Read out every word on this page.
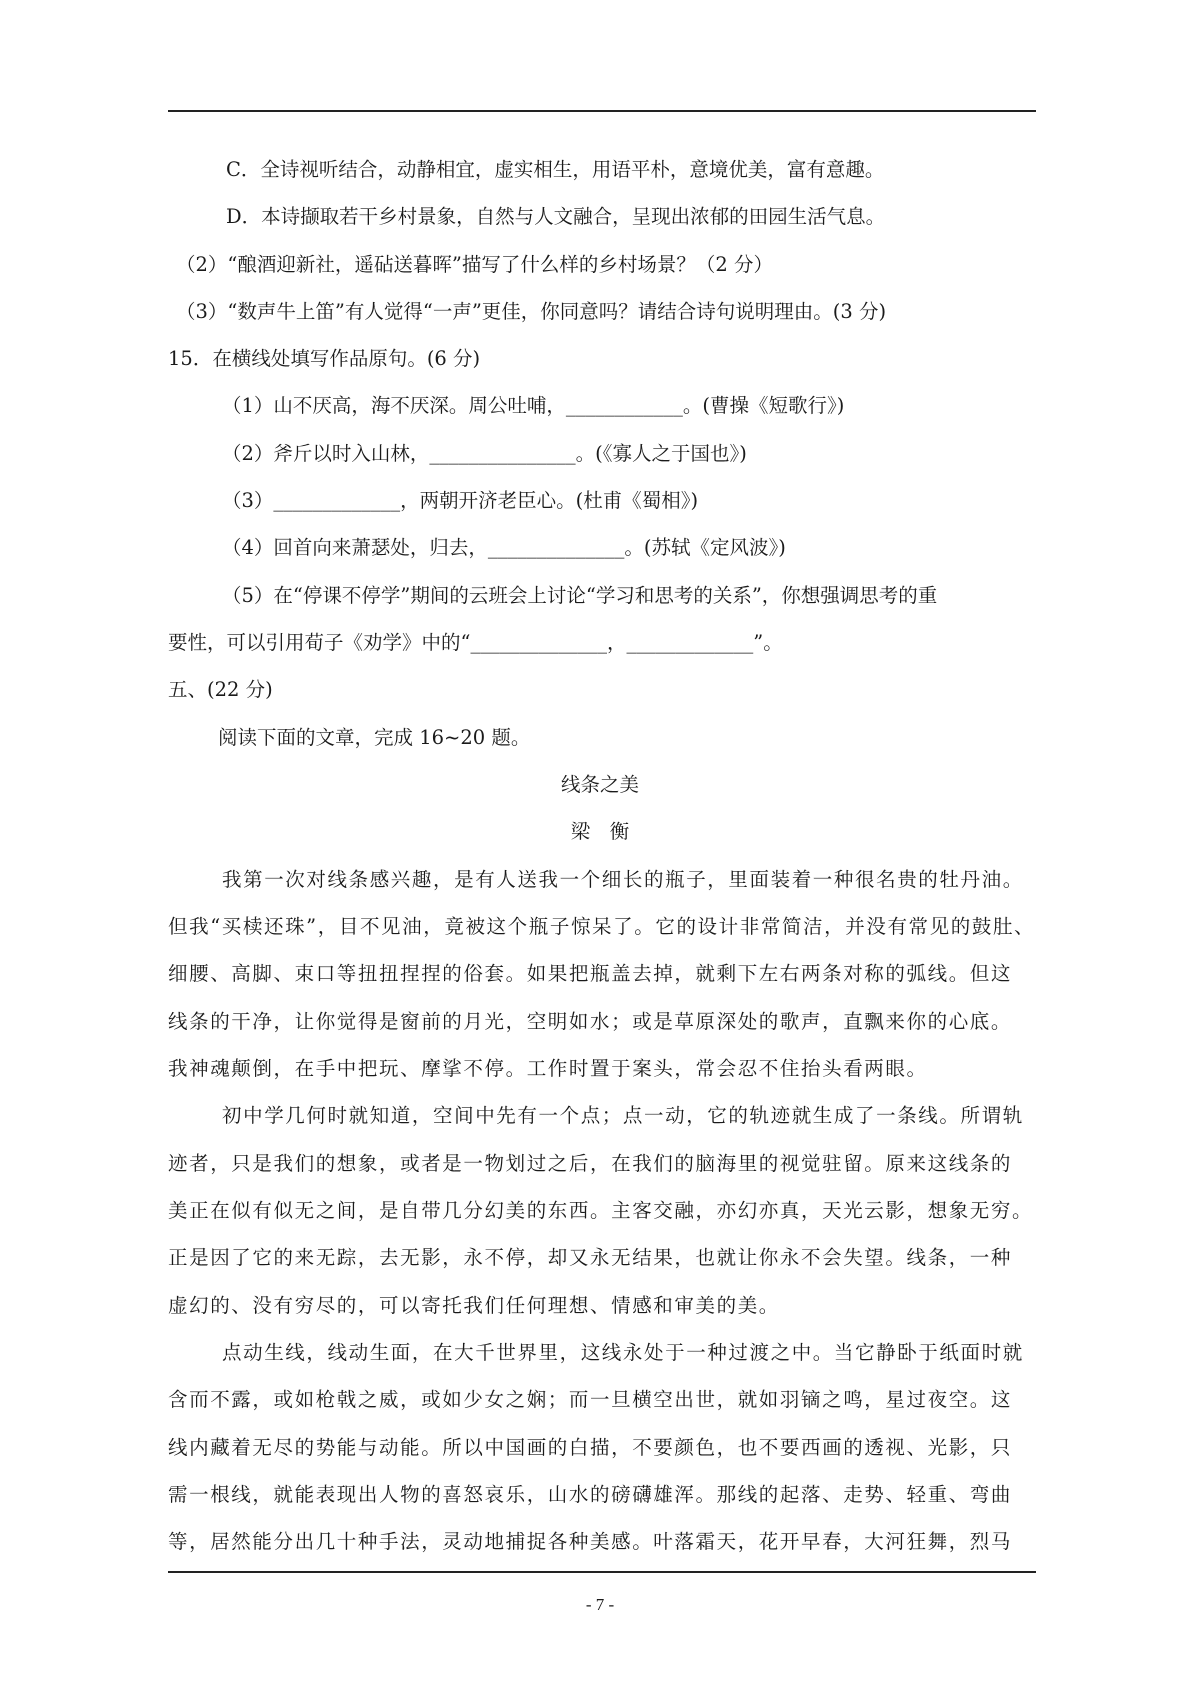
C．全诗视听结合，动静相宜，虚实相生，用语平朴，意境优美，富有意趣。
D．本诗撷取若干乡村景象，自然与人文融合，呈现出浓郁的田园生活气息。
（2）“酿酒迎新社，遥砧送暮晖”描写了什么样的乡村场景？（2 分）
（3）“数声牛上笛”有人觉得“一声”更佳，你同意吗？请结合诗句说明理由。(3 分)
15．在横线处填写作品原句。(6 分)
（1）山不厌高，海不厌深。周公吐哺，____________。(曹操《短歌行》)
（2）斧斤以时入山林，_______________。(《寡人之于国也》)
（3）_____________，两朝开济老臣心。(杜甫《蜀相》)
（4）回首向来萧瑟处，归去，______________。(苏轼《定风波》)
（5）在“停课不停学”期间的云班会上讨论“学习和思考的关系”，你想强调思考的重
要性，可以引用荀子《劝学》中的“______________，_____________”。
五、(22 分)
阅读下面的文章，完成 16~20 题。
线条之美
梁　衡
我第一次对线条感兴趣，是有人送我一个细长的瓶子，里面装着一种很名贵的牡丹油。
但我“买椟还珠”，目不见油，竟被这个瓶子惊呆了。它的设计非常简洁，并没有常见的鼓肚、
细腰、高脚、束口等扭扭捏捏的俗套。如果把瓶盖去掉，就剩下左右两条对称的弧线。但这
线条的干净，让你觉得是窗前的月光，空明如水；或是草原深处的歌声，直飘来你的心底。
我神魂颠倒，在手中把玩、摩挲不停。工作时置于案头，常会忍不住抬头看两眼。
初中学几何时就知道，空间中先有一个点；点一动，它的轨迹就生成了一条线。所谓轨
迹者，只是我们的想象，或者是一物划过之后，在我们的脑海里的视觉驻留。原来这线条的
美正在似有似无之间，是自带几分幻美的东西。主客交融，亦幻亦真，天光云影，想象无穷。
正是因了它的来无踪，去无影，永不停，却又永无结果，也就让你永不会失望。线条，一种
虚幻的、没有穷尽的，可以寄托我们任何理想、情感和审美的美。
点动生线，线动生面，在大千世界里，这线永处于一种过渡之中。当它静卧于纸面时就
含而不露，或如枪戟之威，或如少女之娴；而一旦横空出世，就如羽镝之鸣，星过夜空。这
线内藏着无尽的势能与动能。所以中国画的白描，不要颜色，也不要西画的透视、光影，只
需一根线，就能表现出人物的喜怒哀乐，山水的磅礴雄浑。那线的起落、走势、轻重、弯曲
等，居然能分出几十种手法，灵动地捕捉各种美感。叶落霜天，花开早春，大河狂舞，烈马
- 7 -
